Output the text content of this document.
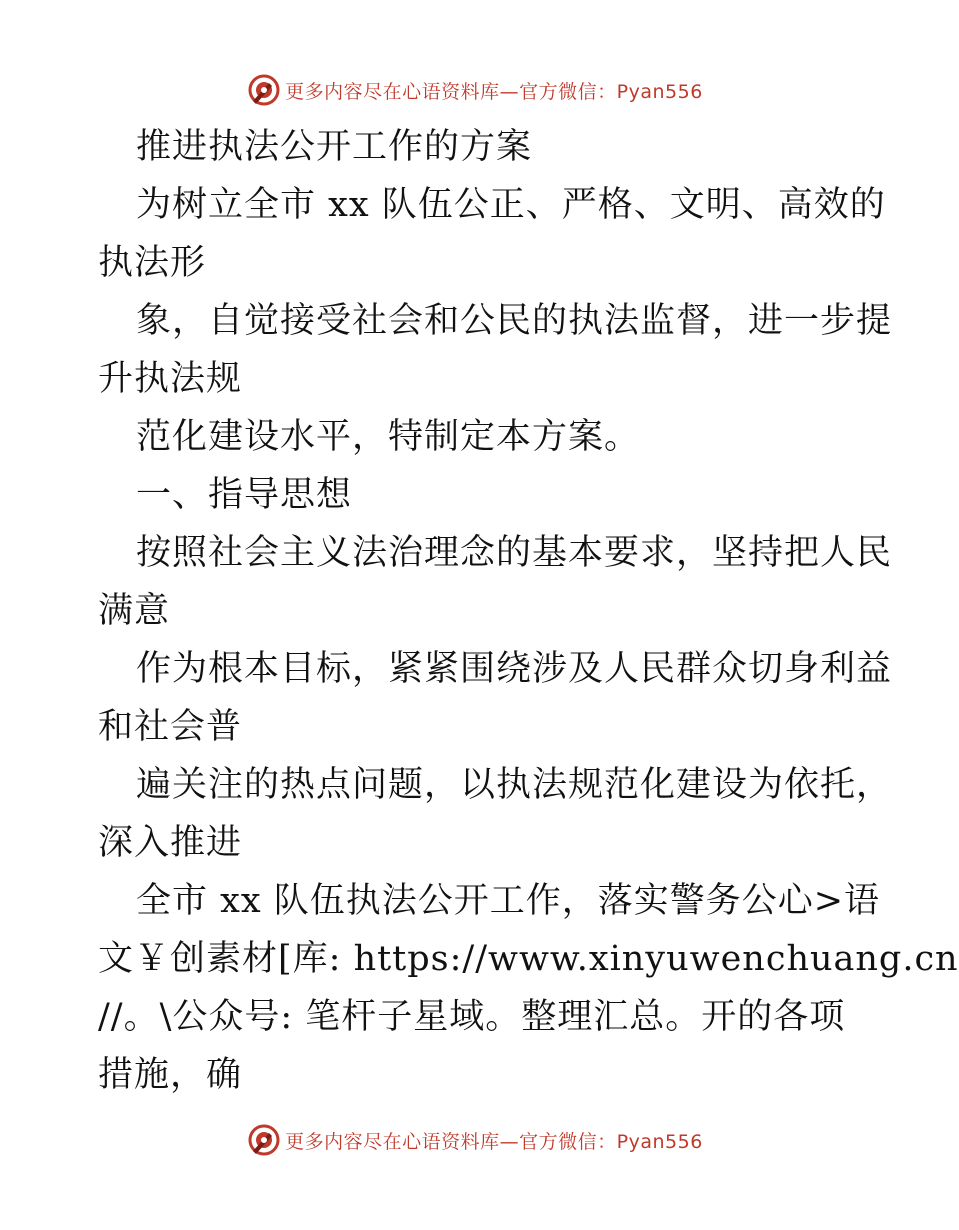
更多内容尽在心语资料库—官方微信：Pyan556
推进执法公开工作的方案
为树立全市 xx 队伍公正、严格、文明、高效的
执法形
象，自觉接受社会和公民的执法监督，进一步提
升执法规
范化建设水平，特制定本方案。
一、指导思想
按照社会主义法治理念的基本要求，坚持把人民
满意
作为根本目标，紧紧围绕涉及人民群众切身利益
和社会普
遍关注的热点问题，以执法规范化建设为依托，
深入推进
全市 xx 队伍执法公开工作，落实警务公心>语
文￥创素材[库: https://www.xinyuwenchuang.cn
//。\公众号: 笔杆子星域。整理汇总。开的各项
措施，确
更多内容尽在心语资料库—官方微信：Pyan556
